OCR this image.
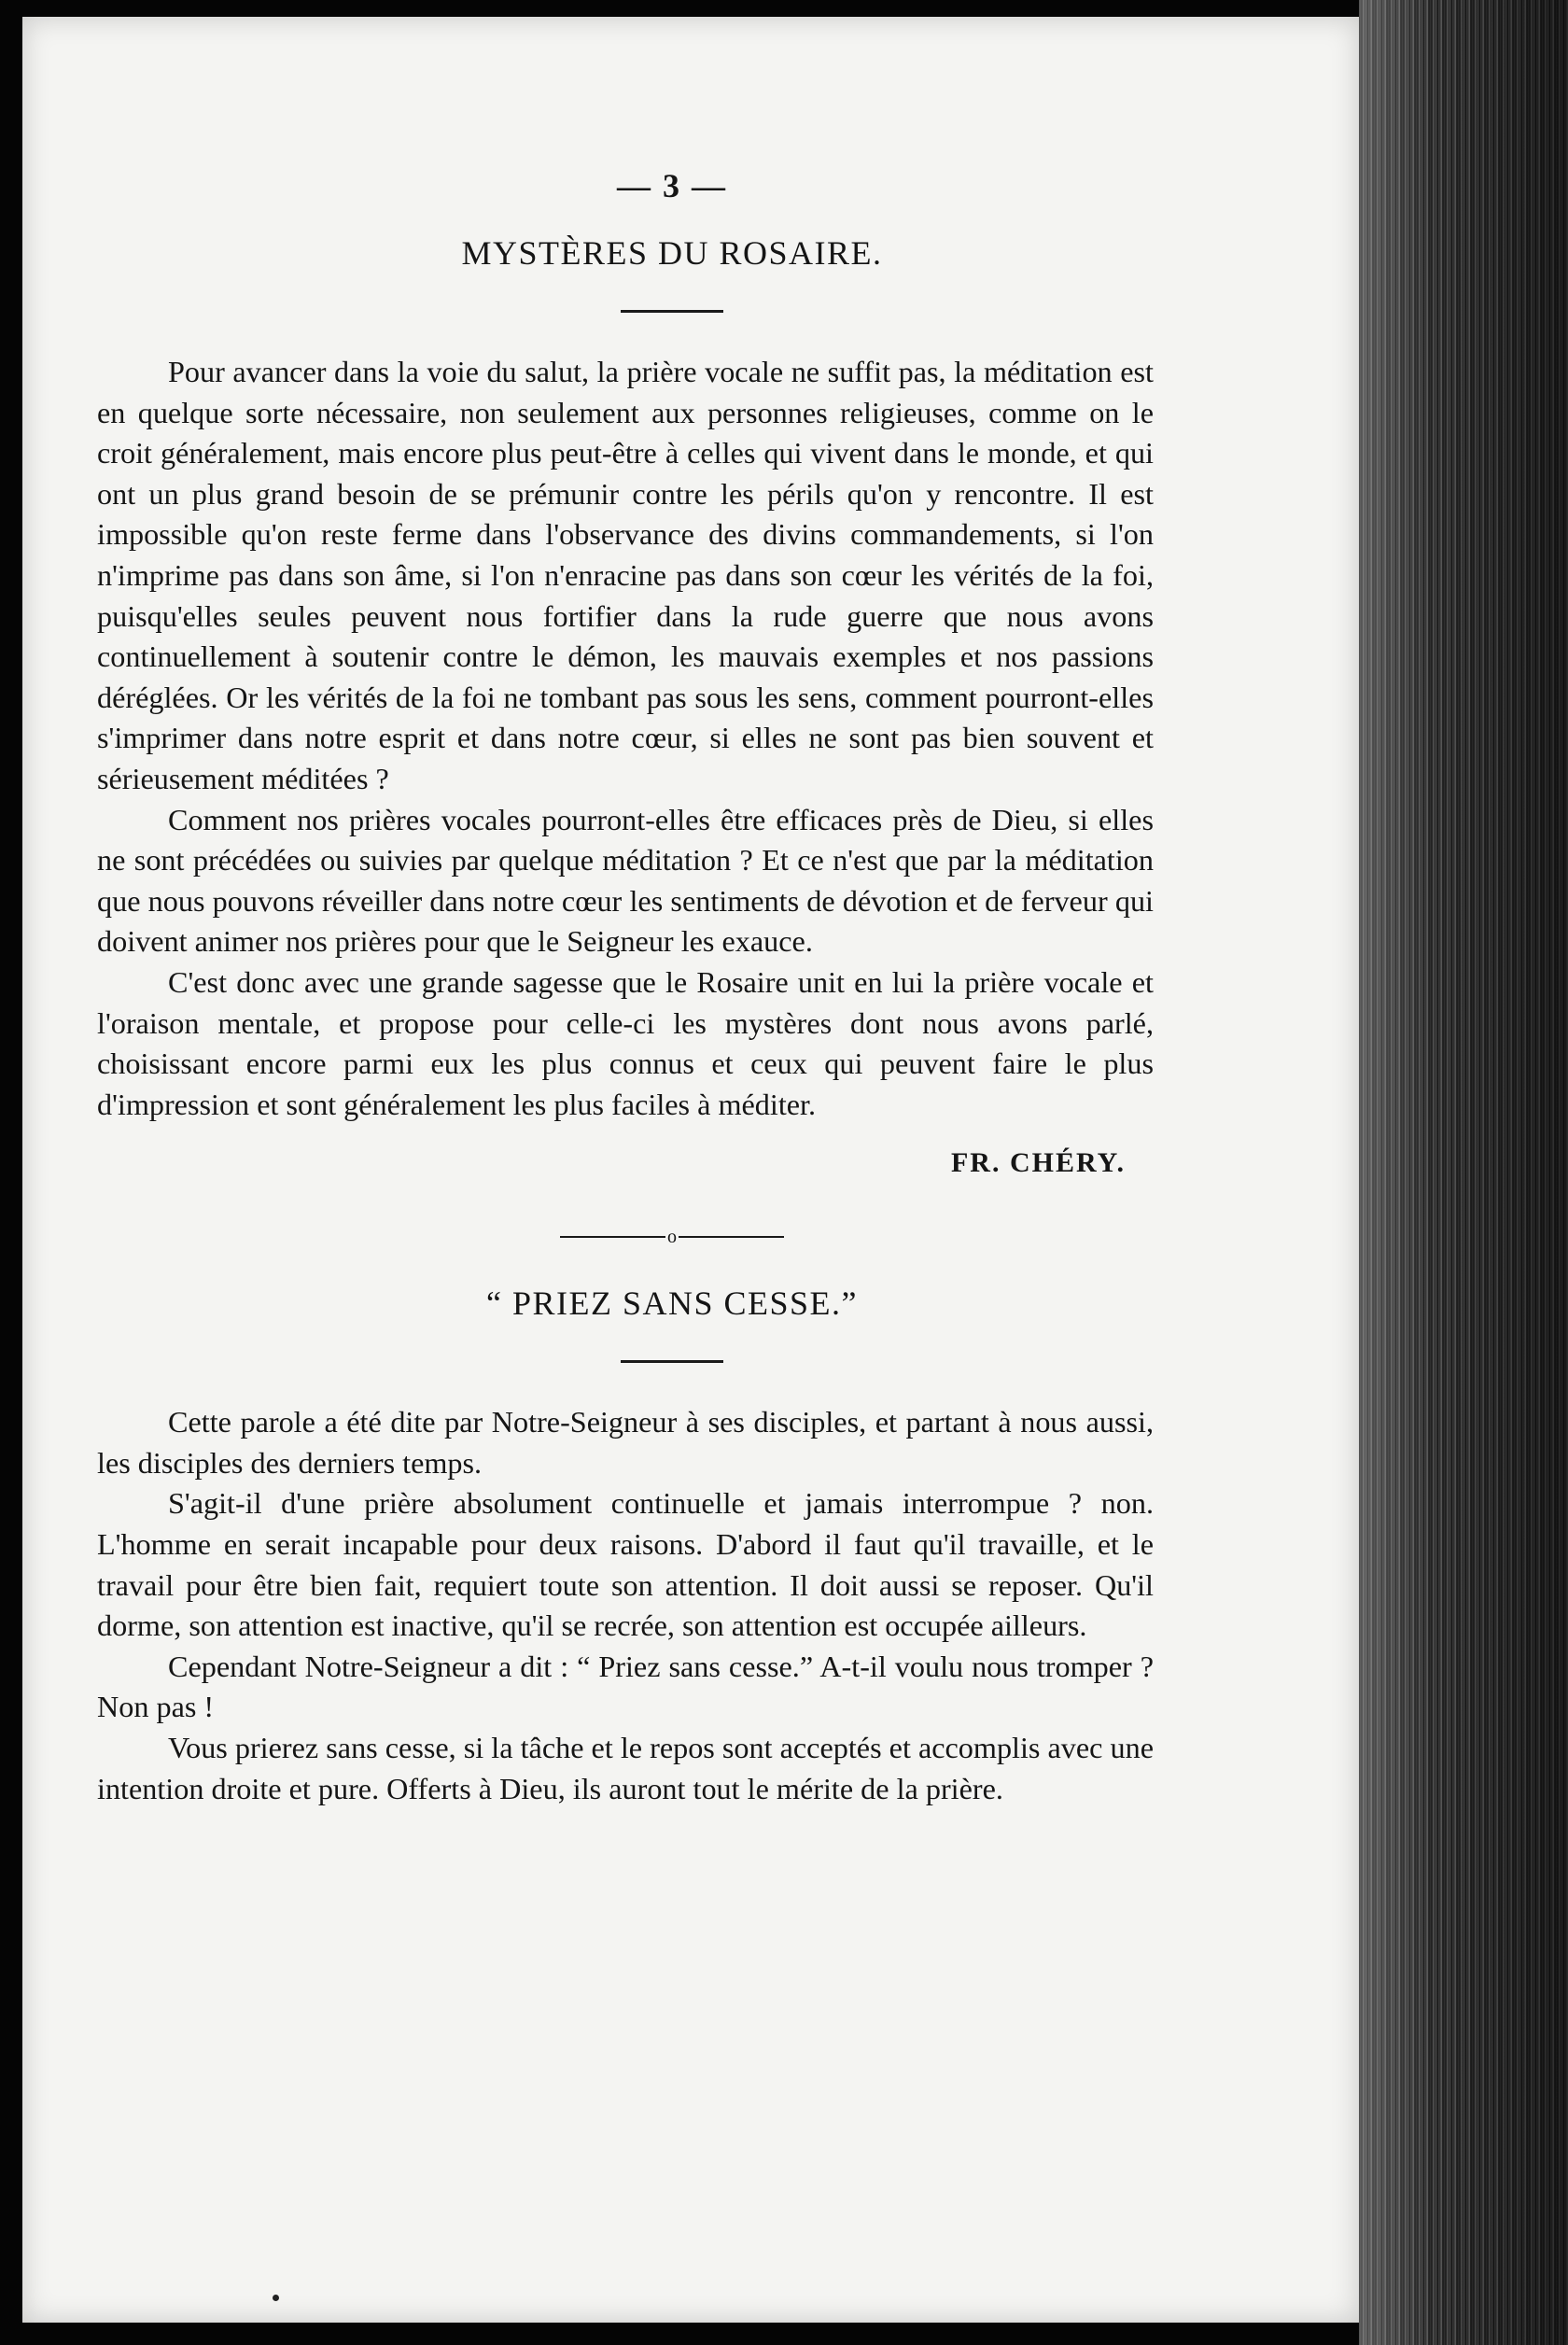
— 3 —
MYSTÈRES DU ROSAIRE.

Pour avancer dans la voie du salut, la prière vocale ne suffit pas, la méditation est en quelque sorte nécessaire, non seulement aux personnes religieuses, comme on le croit généralement, mais encore plus peut-être à celles qui vivent dans le monde, et qui ont un plus grand besoin de se prémunir contre les périls qu'on y rencontre. Il est impossible qu'on reste ferme dans l'observance des divins commandements, si l'on n'imprime pas dans son âme, si l'on n'enracine pas dans son cœur les vérités de la foi, puisqu'elles seules peuvent nous fortifier dans la rude guerre que nous avons continuellement à soutenir contre le démon, les mauvais exemples et nos passions déréglées. Or les vérités de la foi ne tombant pas sous les sens, comment pourront-elles s'imprimer dans notre esprit et dans notre cœur, si elles ne sont pas bien souvent et sérieusement méditées ?

Comment nos prières vocales pourront-elles être efficaces près de Dieu, si elles ne sont précédées ou suivies par quelque méditation ? Et ce n'est que par la méditation que nous pouvons réveiller dans notre cœur les sentiments de dévotion et de ferveur qui doivent animer nos prières pour que le Seigneur les exauce.

C'est donc avec une grande sagesse que le Rosaire unit en lui la prière vocale et l'oraison mentale, et propose pour celle-ci les mystères dont nous avons parlé, choisissant encore parmi eux les plus connus et ceux qui peuvent faire le plus d'impression et sont généralement les plus faciles à méditer.

FR. CHÉRY.
o
“ PRIEZ SANS CESSE.”

Cette parole a été dite par Notre-Seigneur à ses disciples, et partant à nous aussi, les disciples des derniers temps.

S'agit-il d'une prière absolument continuelle et jamais interrompue ? non. L'homme en serait incapable pour deux raisons. D'abord il faut qu'il travaille, et le travail pour être bien fait, requiert toute son attention. Il doit aussi se reposer. Qu'il dorme, son attention est inactive, qu'il se recrée, son attention est occupée ailleurs.

Cependant Notre-Seigneur a dit : “ Priez sans cesse.” A-t-il voulu nous tromper ? Non pas !

Vous prierez sans cesse, si la tâche et le repos sont acceptés et accomplis avec une intention droite et pure. Offerts à Dieu, ils auront tout le mérite de la prière.
